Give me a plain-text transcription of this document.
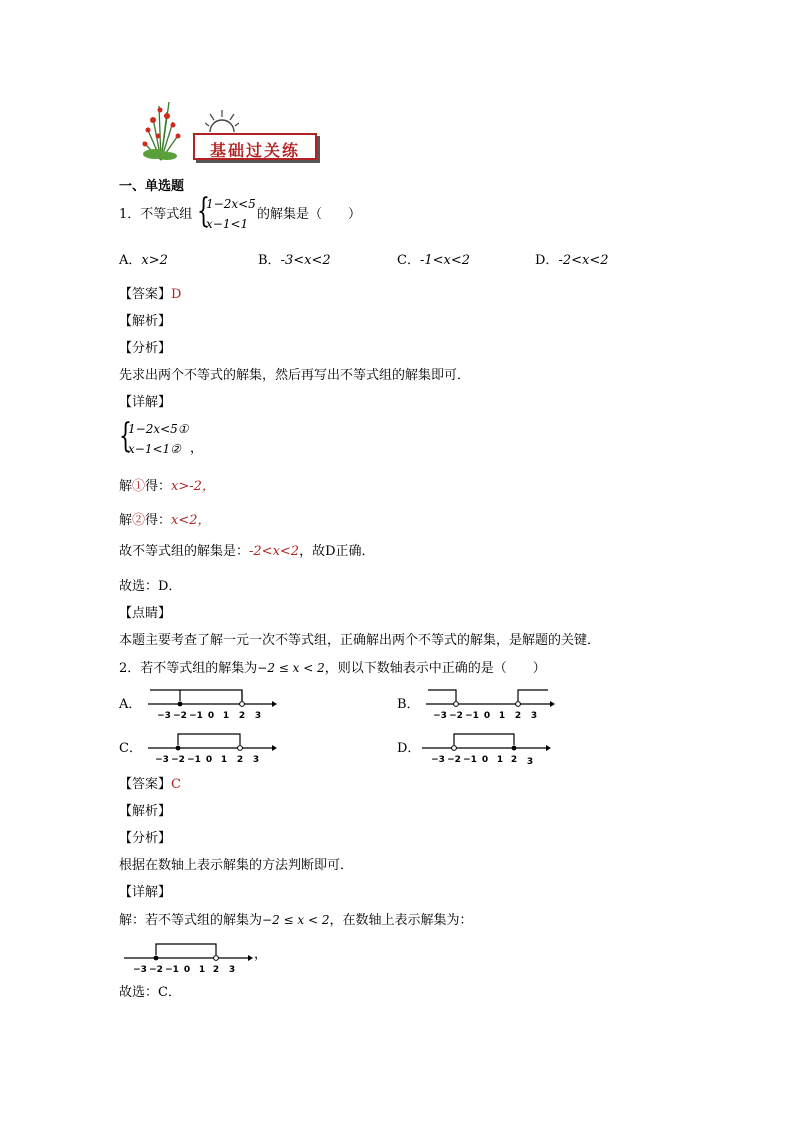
基础过关练
一、单选题
1．不等式组 {
1−2x<5
x−1<1
的解集是（　　）
A．x>2	B．-3<x<2	C．-1<x<2	D．-2<x<2
【答案】D
【解析】
【分析】
先求出两个不等式的解集，然后再写出不等式组的解集即可．
【详解】
{
1−2x<5①
x−1<1② ，
解①得：x>-2，
解②得：x<2，
故不等式组的解集是：-2<x<2，故D正确．
故选：D．
【点睛】
本题主要考查了解一元一次不等式组，正确解出两个不等式的解集，是解题的关键．
2．若不等式组的解集为−2 ≤ x < 2，则以下数轴表示中正确的是（　　）
A．
−3 −2 −1 0 1 2 3
B．
−3 −2 −1 0 1 2 3
C．
−3 −2 −1 0 1 2 3
D．
−3 −2 −1 0 1 2 3
【答案】C
【解析】
【分析】
根据在数轴上表示解集的方法判断即可．
【详解】
解：若不等式组的解集为−2 ≤ x < 2，在数轴上表示解集为：
−3 −2 −1 0 1 2 3
，
故选：C．
